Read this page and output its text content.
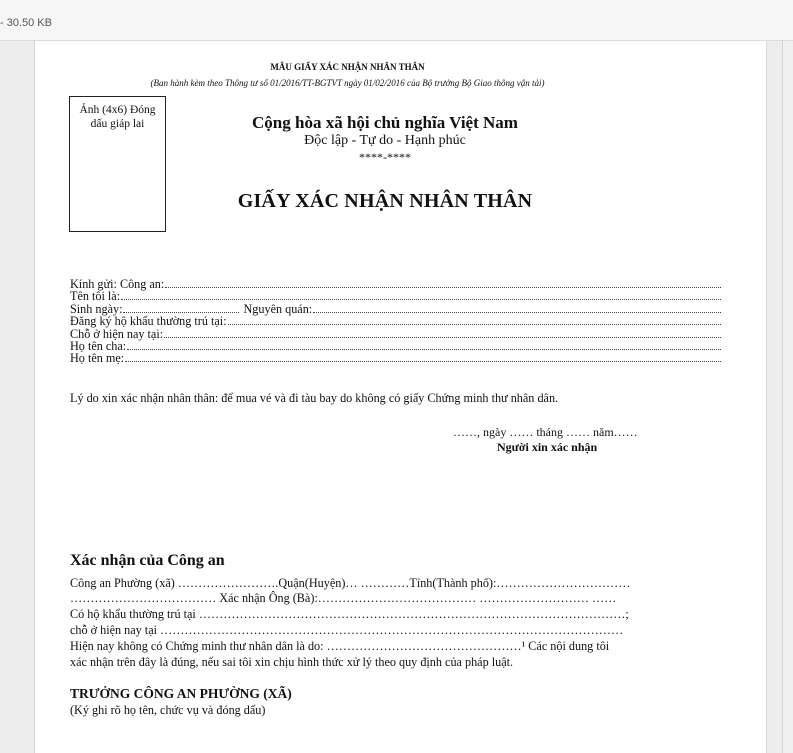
- 30.50 KB
MẪU GIẤY XÁC NHẬN NHÂN THÂN
(Ban hành kèm theo Thông tư số 01/2016/TT-BGTVT ngày 01/02/2016 của Bộ trưởng Bộ Giao thông vận tải)
Ảnh (4x6) Đóng dấu giáp lai	Cộng hòa xã hội chủ nghĩa Việt Nam
Độc lập - Tự do - Hạnh phúc
****-****
GIẤY XÁC NHẬN NHÂN THÂN
Kính gửi: Công an:
Tên tôi là:
Sinh ngày:	Nguyên quán:
Đăng ký hộ khẩu thường trú tại:
Chỗ ở hiện nay tại:
Họ tên cha:
Họ tên mẹ:
Lý do xin xác nhận nhân thân: để mua vé và đi tàu bay do không có giấy Chứng minh thư nhân dân.
……, ngày …… tháng …… năm……
Người xin xác nhận
Xác nhận của Công an
Công an Phường (xã) …………………….Quận(Huyện)… …………Tỉnh(Thành phố):……………………………
……………………………… Xác nhận Ông (Bà):………………………………… ……………………… ……
Có hộ khẩu thường trú tại ……………………………………………………………………………………………;
chỗ ở hiện nay tại ……………………………………………………………………………………………………
Hiện nay không có Chứng minh thư nhân dân là do: …………………………………………¹ Các nội dung tôi
xác nhận trên đây là đúng, nếu sai tôi xin chịu hình thức xử lý theo quy định của pháp luật.
TRƯỞNG CÔNG AN PHƯỜNG (XÃ)
(Ký ghi rõ họ tên, chức vụ và đóng dấu)
